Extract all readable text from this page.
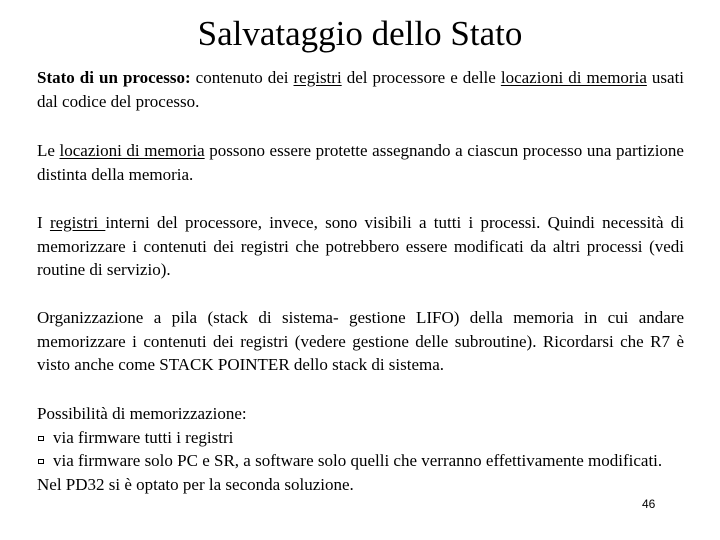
Salvataggio dello Stato
Stato di un processo: contenuto dei registri del processore e delle locazioni di memoria usati dal codice del processo.
Le locazioni di memoria possono essere protette assegnando a ciascun processo una partizione distinta della memoria.
I registri interni del processore, invece, sono visibili a tutti i processi. Quindi necessità di memorizzare i contenuti dei registri che potrebbero essere modificati da altri processi (vedi routine di servizio).
Organizzazione a pila (stack di sistema- gestione LIFO) della memoria in cui andare memorizzare i contenuti dei registri (vedere gestione delle subroutine). Ricordarsi che R7 è visto anche come STACK POINTER dello stack di sistema.
Possibilità di memorizzazione:
via firmware tutti i registri
via firmware solo PC e SR, a software solo quelli che verranno effettivamente modificati.
Nel PD32 si è optato per la seconda soluzione.
46
